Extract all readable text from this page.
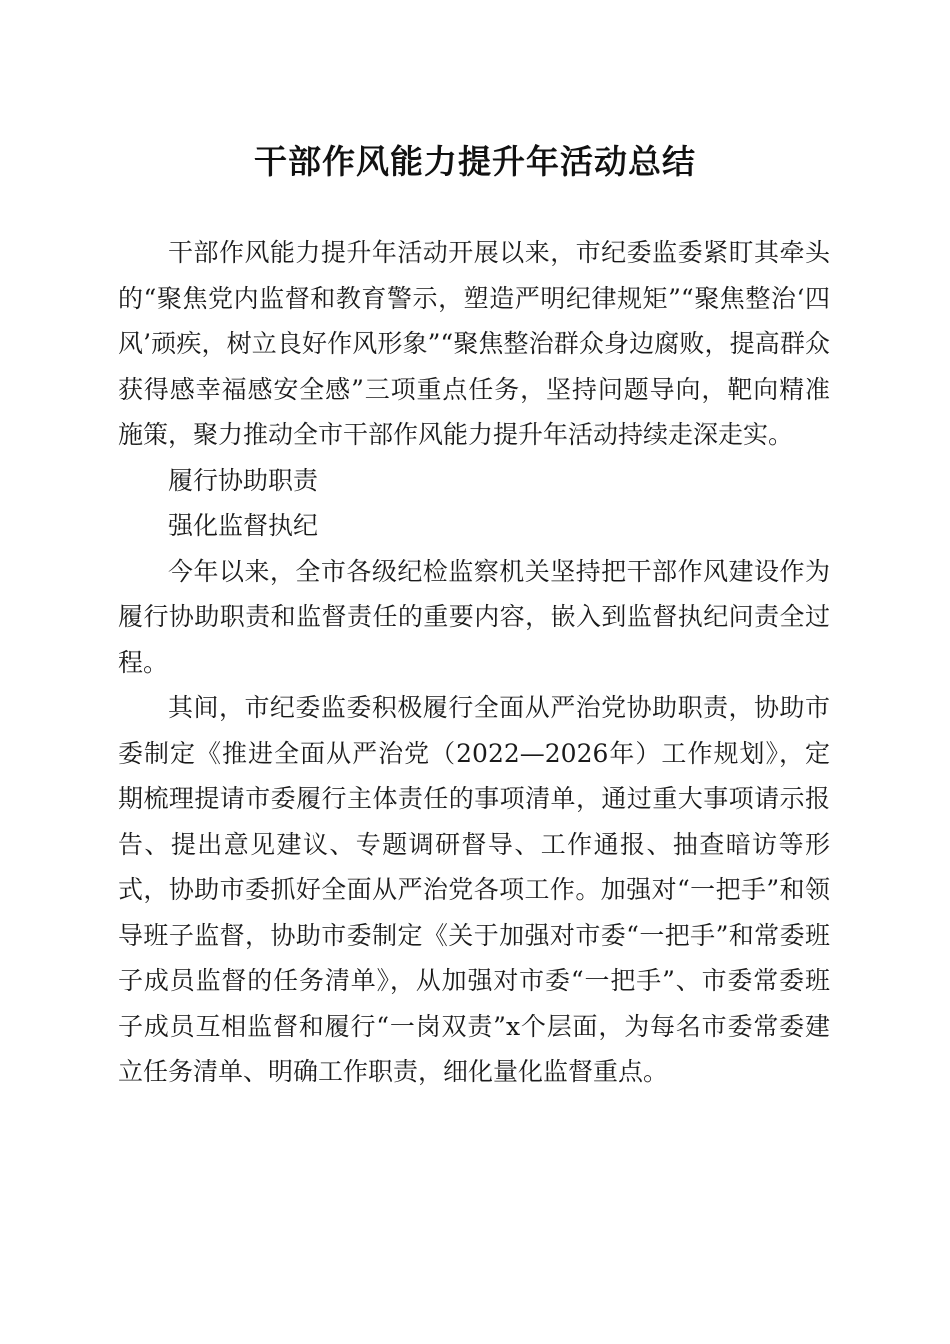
干部作风能力提升年活动总结

干部作风能力提升年活动开展以来，市纪委监委紧盯其牵头的“聚焦党内监督和教育警示，塑造严明纪律规矩”“聚焦整治‘四风’顽疾，树立良好作风形象”“聚焦整治群众身边腐败，提高群众获得感幸福感安全感”三项重点任务，坚持问题导向，靶向精准施策，聚力推动全市干部作风能力提升年活动持续走深走实。

履行协助职责

强化监督执纪

今年以来，全市各级纪检监察机关坚持把干部作风建设作为履行协助职责和监督责任的重要内容，嵌入到监督执纪问责全过程。

其间，市纪委监委积极履行全面从严治党协助职责，协助市委制定《推进全面从严治党（2022—2026年）工作规划》，定期梳理提请市委履行主体责任的事项清单，通过重大事项请示报告、提出意见建议、专题调研督导、工作通报、抽查暗访等形式，协助市委抓好全面从严治党各项工作。加强对“一把手”和领导班子监督，协助市委制定《关于加强对市委“一把手”和常委班子成员监督的任务清单》，从加强对市委“一把手”、市委常委班子成员互相监督和履行“一岗双责”x个层面，为每名市委常委建立任务清单、明确工作职责，细化量化监督重点。
